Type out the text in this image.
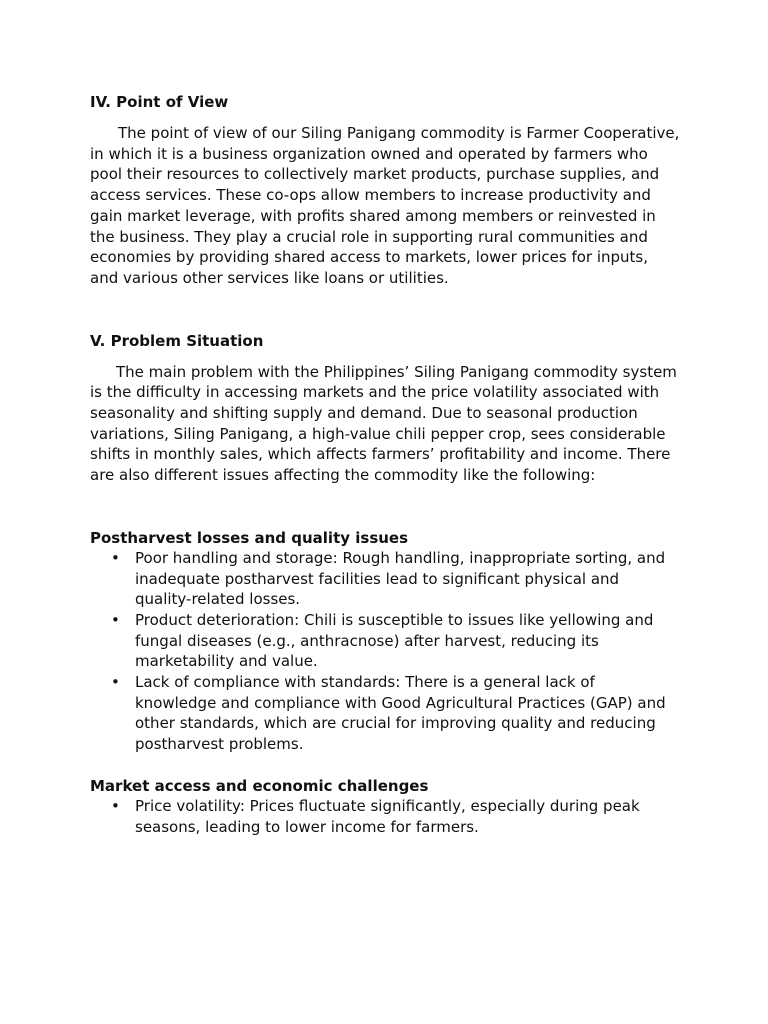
IV. Point of View

The point of view of our Siling Panigang commodity is Farmer Cooperative, in which it is a business organization owned and operated by farmers who pool their resources to collectively market products, purchase supplies, and access services. These co-ops allow members to increase productivity and gain market leverage, with profits shared among members or reinvested in the business. They play a crucial role in supporting rural communities and economies by providing shared access to markets, lower prices for inputs, and various other services like loans or utilities.

V. Problem Situation

The main problem with the Philippines’ Siling Panigang commodity system is the difficulty in accessing markets and the price volatility associated with seasonality and shifting supply and demand. Due to seasonal production variations, Siling Panigang, a high-value chili pepper crop, sees considerable shifts in monthly sales, which affects farmers’ profitability and income. There are also different issues affecting the commodity like the following:

Postharvest losses and quality issues
• Poor handling and storage: Rough handling, inappropriate sorting, and inadequate postharvest facilities lead to significant physical and quality-related losses.
• Product deterioration: Chili is susceptible to issues like yellowing and fungal diseases (e.g., anthracnose) after harvest, reducing its marketability and value.
• Lack of compliance with standards: There is a general lack of knowledge and compliance with Good Agricultural Practices (GAP) and other standards, which are crucial for improving quality and reducing postharvest problems.
Market access and economic challenges
• Price volatility: Prices fluctuate significantly, especially during peak seasons, leading to lower income for farmers.
